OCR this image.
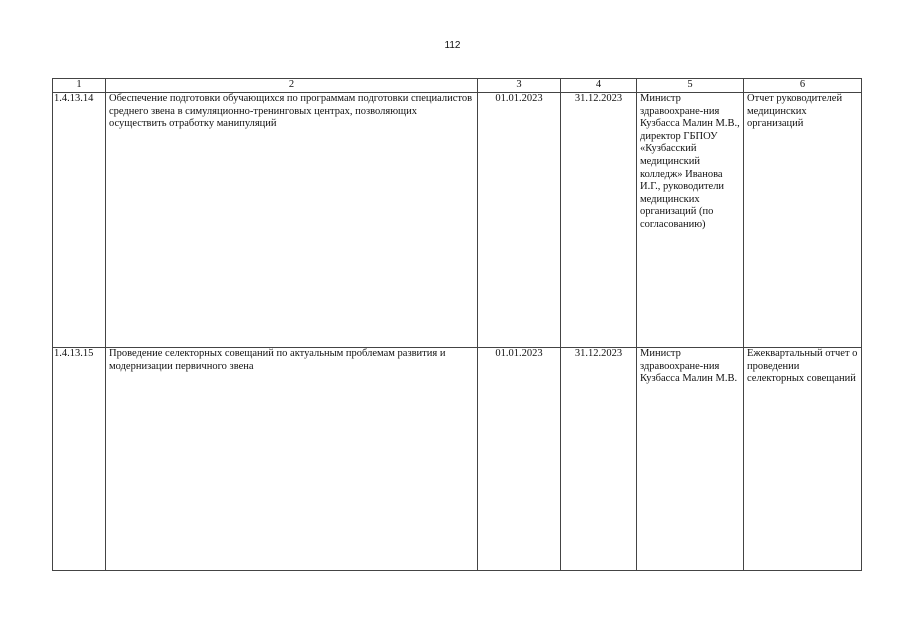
112
1	2	3	4	5	6
1.4.13.14	Обеспечение подготовки обучающихся по программам подготовки специалистов среднего звена в симуляционно-тренинговых центрах, позволяющих осуществить отработку манипуляций	01.01.2023	31.12.2023	Министр здравоохране-ния Кузбасса Малин М.В., директор ГБПОУ «Кузбасский медицинский колледж» Иванова И.Г., руководители медицинских организаций (по согласованию)	Отчет руководителей медицинских организаций
1.4.13.15	Проведение селекторных совещаний по актуальным проблемам развития и модернизации первичного звена	01.01.2023	31.12.2023	Министр здравоохране-ния Кузбасса Малин М.В.	Ежеквартальный отчет о проведении селекторных совещаний
